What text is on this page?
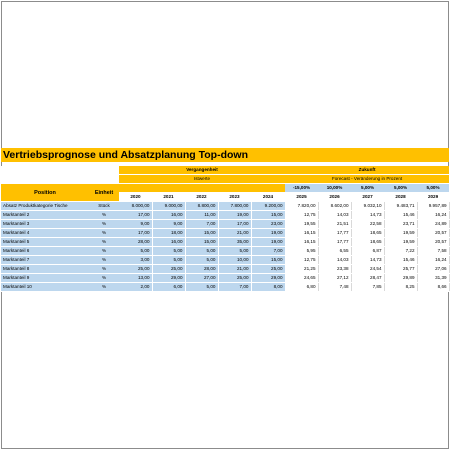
Vertriebsprognose und Absatzplanung Top-down
		Vergangenheit					Zukunft				
		Istwerte					Forecast - Veränderung in Prozent				
Position	Einheit						-15,00%	10,00%	5,00%	5,00%	5,00%
		2020	2021	2022	2023	2024	2025	2026	2027	2028	2029
Absatz Produktkategorie Tische	Stück	8.000,00	9.000,00	8.800,00	7.800,00	9.200,00	7.820,00	8.602,00	9.032,10	9.483,71	9.957,89
Marktanteil 2	%	17,00	16,00	11,00	19,00	15,00	12,75	14,03	14,73	15,46	16,24
Marktanteil 3	%	9,00	9,00	7,00	17,00	23,00	19,55	21,51	22,58	23,71	24,89
Marktanteil 4	%	17,00	18,00	15,00	21,00	19,00	16,15	17,77	18,65	19,59	20,57
Marktanteil 5	%	28,00	16,00	15,00	35,00	19,00	16,15	17,77	18,65	19,59	20,57
Marktanteil 6	%	5,00	5,00	5,00	5,00	7,00	5,95	6,55	6,87	7,22	7,58
Marktanteil 7	%	3,00	5,00	5,00	10,00	15,00	12,75	14,03	14,73	15,46	16,24
Marktanteil 8	%	25,00	25,00	28,00	21,00	25,00	21,25	23,38	24,54	25,77	27,06
Marktanteil 9	%	13,00	29,00	27,00	25,00	29,00	24,65	27,12	28,47	29,89	31,39
Marktanteil 10	%	2,00	6,00	5,00	7,00	8,00	6,80	7,48	7,85	8,25	8,66
